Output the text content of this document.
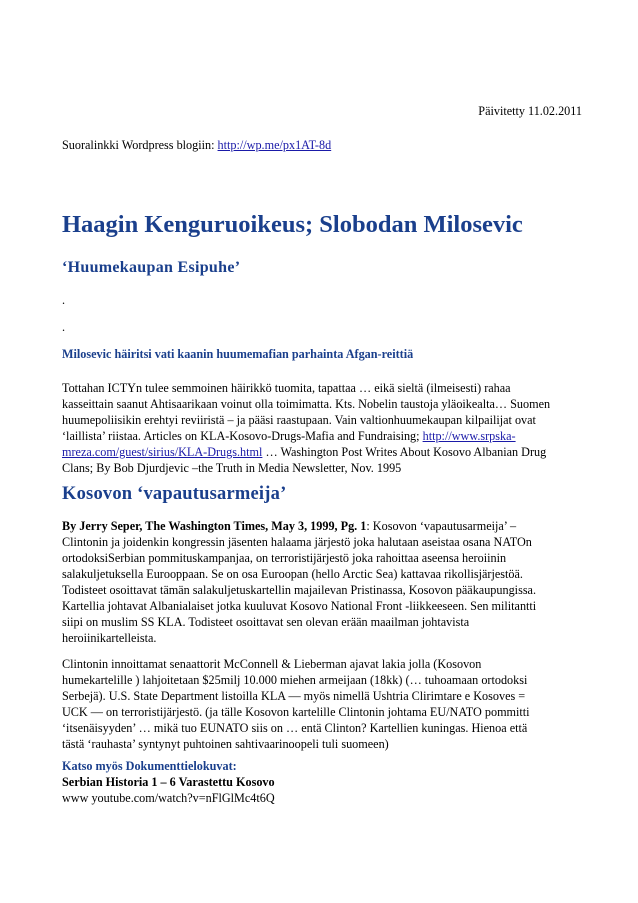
Päivitetty 11.02.2011
Suoralinkki Wordpress blogiin: http://wp.me/px1AT-8d
Haagin Kenguruoikeus; Slobodan Milosevic
‘Huumekaupan Esipuhe’
.
.
Milosevic häiritsi vati kaanin huumemafian parhainta Afgan-reittiä

Tottahan ICTYn tulee semmoinen häirikkö tuomita, tapattaa … eikä sieltä (ilmeisesti) rahaa

kasseittain saanut Ahtisaarikaan voinut olla toimimatta. Kts. Nobelin taustoja yläoikealta… Suomen

huumepoliisikin erehtyi reviiristä – ja pääsi raastupaan. Vain valtionhuumekaupan kilpailijat ovat

‘laillista’ riistaa. Articles on KLA-Kosovo-Drugs-Mafia and Fundraising; http://www.srpska-

mreza.com/guest/sirius/KLA-Drugs.html … Washington Post Writes About Kosovo Albanian Drug

Clans; By Bob Djurdjevic –the Truth in Media Newsletter, Nov. 1995

Kosovon ‘vapautusarmeija’

By Jerry Seper, The Washington Times, May 3, 1999, Pg. 1: Kosovon ‘vapautusarmeija’ –

Clintonin ja joidenkin kongressin jäsenten halaama järjestö joka halutaan aseistaa osana NATOn

ortodoksiSerbian pommituskampanjaa, on terroristijärjestö joka rahoittaa aseensa heroiinin

salakuljetuksella Eurooppaan. Se on osa Euroopan (hello Arctic Sea) kattavaa rikollisjärjestöä.

Todisteet osoittavat tämän salakuljetuskartellin majailevan Pristinassa, Kosovon pääkaupungissa.

Kartellia johtavat Albanialaiset jotka kuuluvat Kosovo National Front -liikkeeseen. Sen militantti

siipi on muslim SS KLA. Todisteet osoittavat sen olevan erään maailman johtavista

heroiinikartelleista.

Clintonin innoittamat senaattorit McConnell & Lieberman ajavat lakia jolla (Kosovon

humekartelille ) lahjoitetaan $25milj 10.000 miehen armeijaan (18kk) (… tuhoamaan ortodoksi

Serbejä). U.S. State Department listoilla KLA — myös nimellä Ushtria Clirimtare e Kosoves =

UCK — on terroristijärjestö. (ja tälle Kosovon kartelille Clintonin johtama EU/NATO pommitti

‘itsenäisyyden’ … mikä tuo EUNATO siis on … entä Clinton? Kartellien kuningas. Hienoa että

tästä ‘rauhasta’ syntynyt puhtoinen sahtivaarinoopeli tuli suomeen)

Katso myös Dokumenttielokuvat:

Serbian Historia 1 – 6 Varastettu Kosovo

www youtube.com/watch?v=nFlGlMc4t6Q
